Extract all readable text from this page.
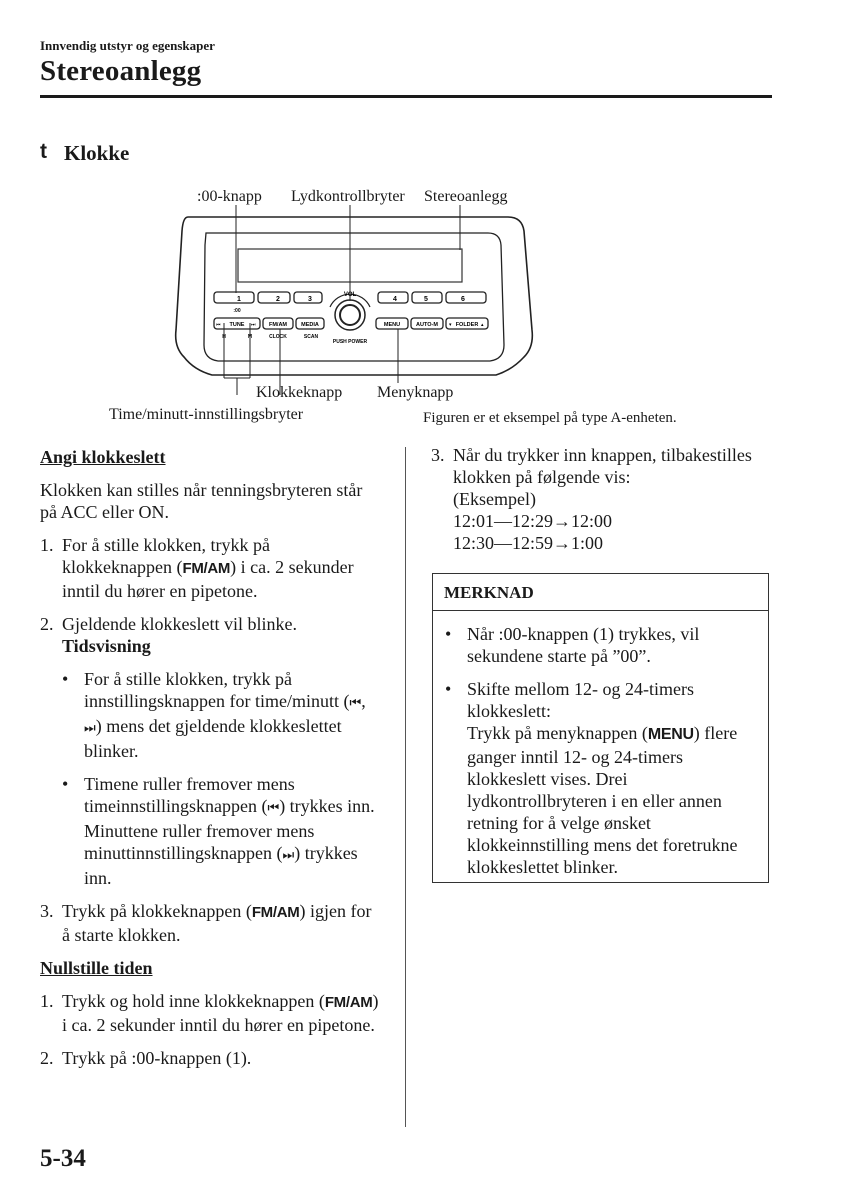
Innvendig utstyr og egenskaper
Stereoanlegg
t Klokke
:00-knapp Lydkontrollbryter Stereoanlegg
1	2	3
:00
4	5	6
VOL
PUSH POWER
⏮ TUNE ⏭ FM/AM	MEDIA
H	M	CLOCK	SCAN
MENU	AUTO-M ▾ FOLDER ▴
Klokkeknapp Menyknapp
Time/minutt-innstillingsbryter	Figuren er et eksempel på type A-enheten.

Angi klokkeslett

Klokken kan stilles når tenningsbryteren står på ACC eller ON.

1. For å stille klokken, trykk på klokkeknappen (FM/AM) i ca. 2 sekunder inntil du hører en pipetone.
2. Gjeldende klokkeslett vil blinke.
Tidsvisning
• For å stille klokken, trykk på innstillingsknappen for time/minutt (⏮, ⏭) mens det gjeldende klokkeslettet blinker.
• Timene ruller fremover mens timeinnstillingsknappen (⏮) trykkes inn. Minuttene ruller fremover mens minuttinnstillingsknappen (⏭) trykkes inn.
3. Trykk på klokkeknappen (FM/AM) igjen for å starte klokken.

Nullstille tiden

1. Trykk og hold inne klokkeknappen (FM/AM) i ca. 2 sekunder inntil du hører en pipetone.
2. Trykk på :00-knappen (1).
3. Når du trykker inn knappen, tilbakestilles klokken på følgende vis:
(Eksempel)
12:01—12:29→12:00
12:30—12:59→1:00
MERKNAD
• Når :00-knappen (1) trykkes, vil sekundene starte på ”00”.
• Skifte mellom 12- og 24-timers klokkeslett:
Trykk på menyknappen (MENU) flere ganger inntil 12- og 24-timers klokkeslett vises. Drei lydkontrollbryteren i en eller annen retning for å velge ønsket klokkeinnstilling mens det foretrukne klokkeslettet blinker.
5-34
